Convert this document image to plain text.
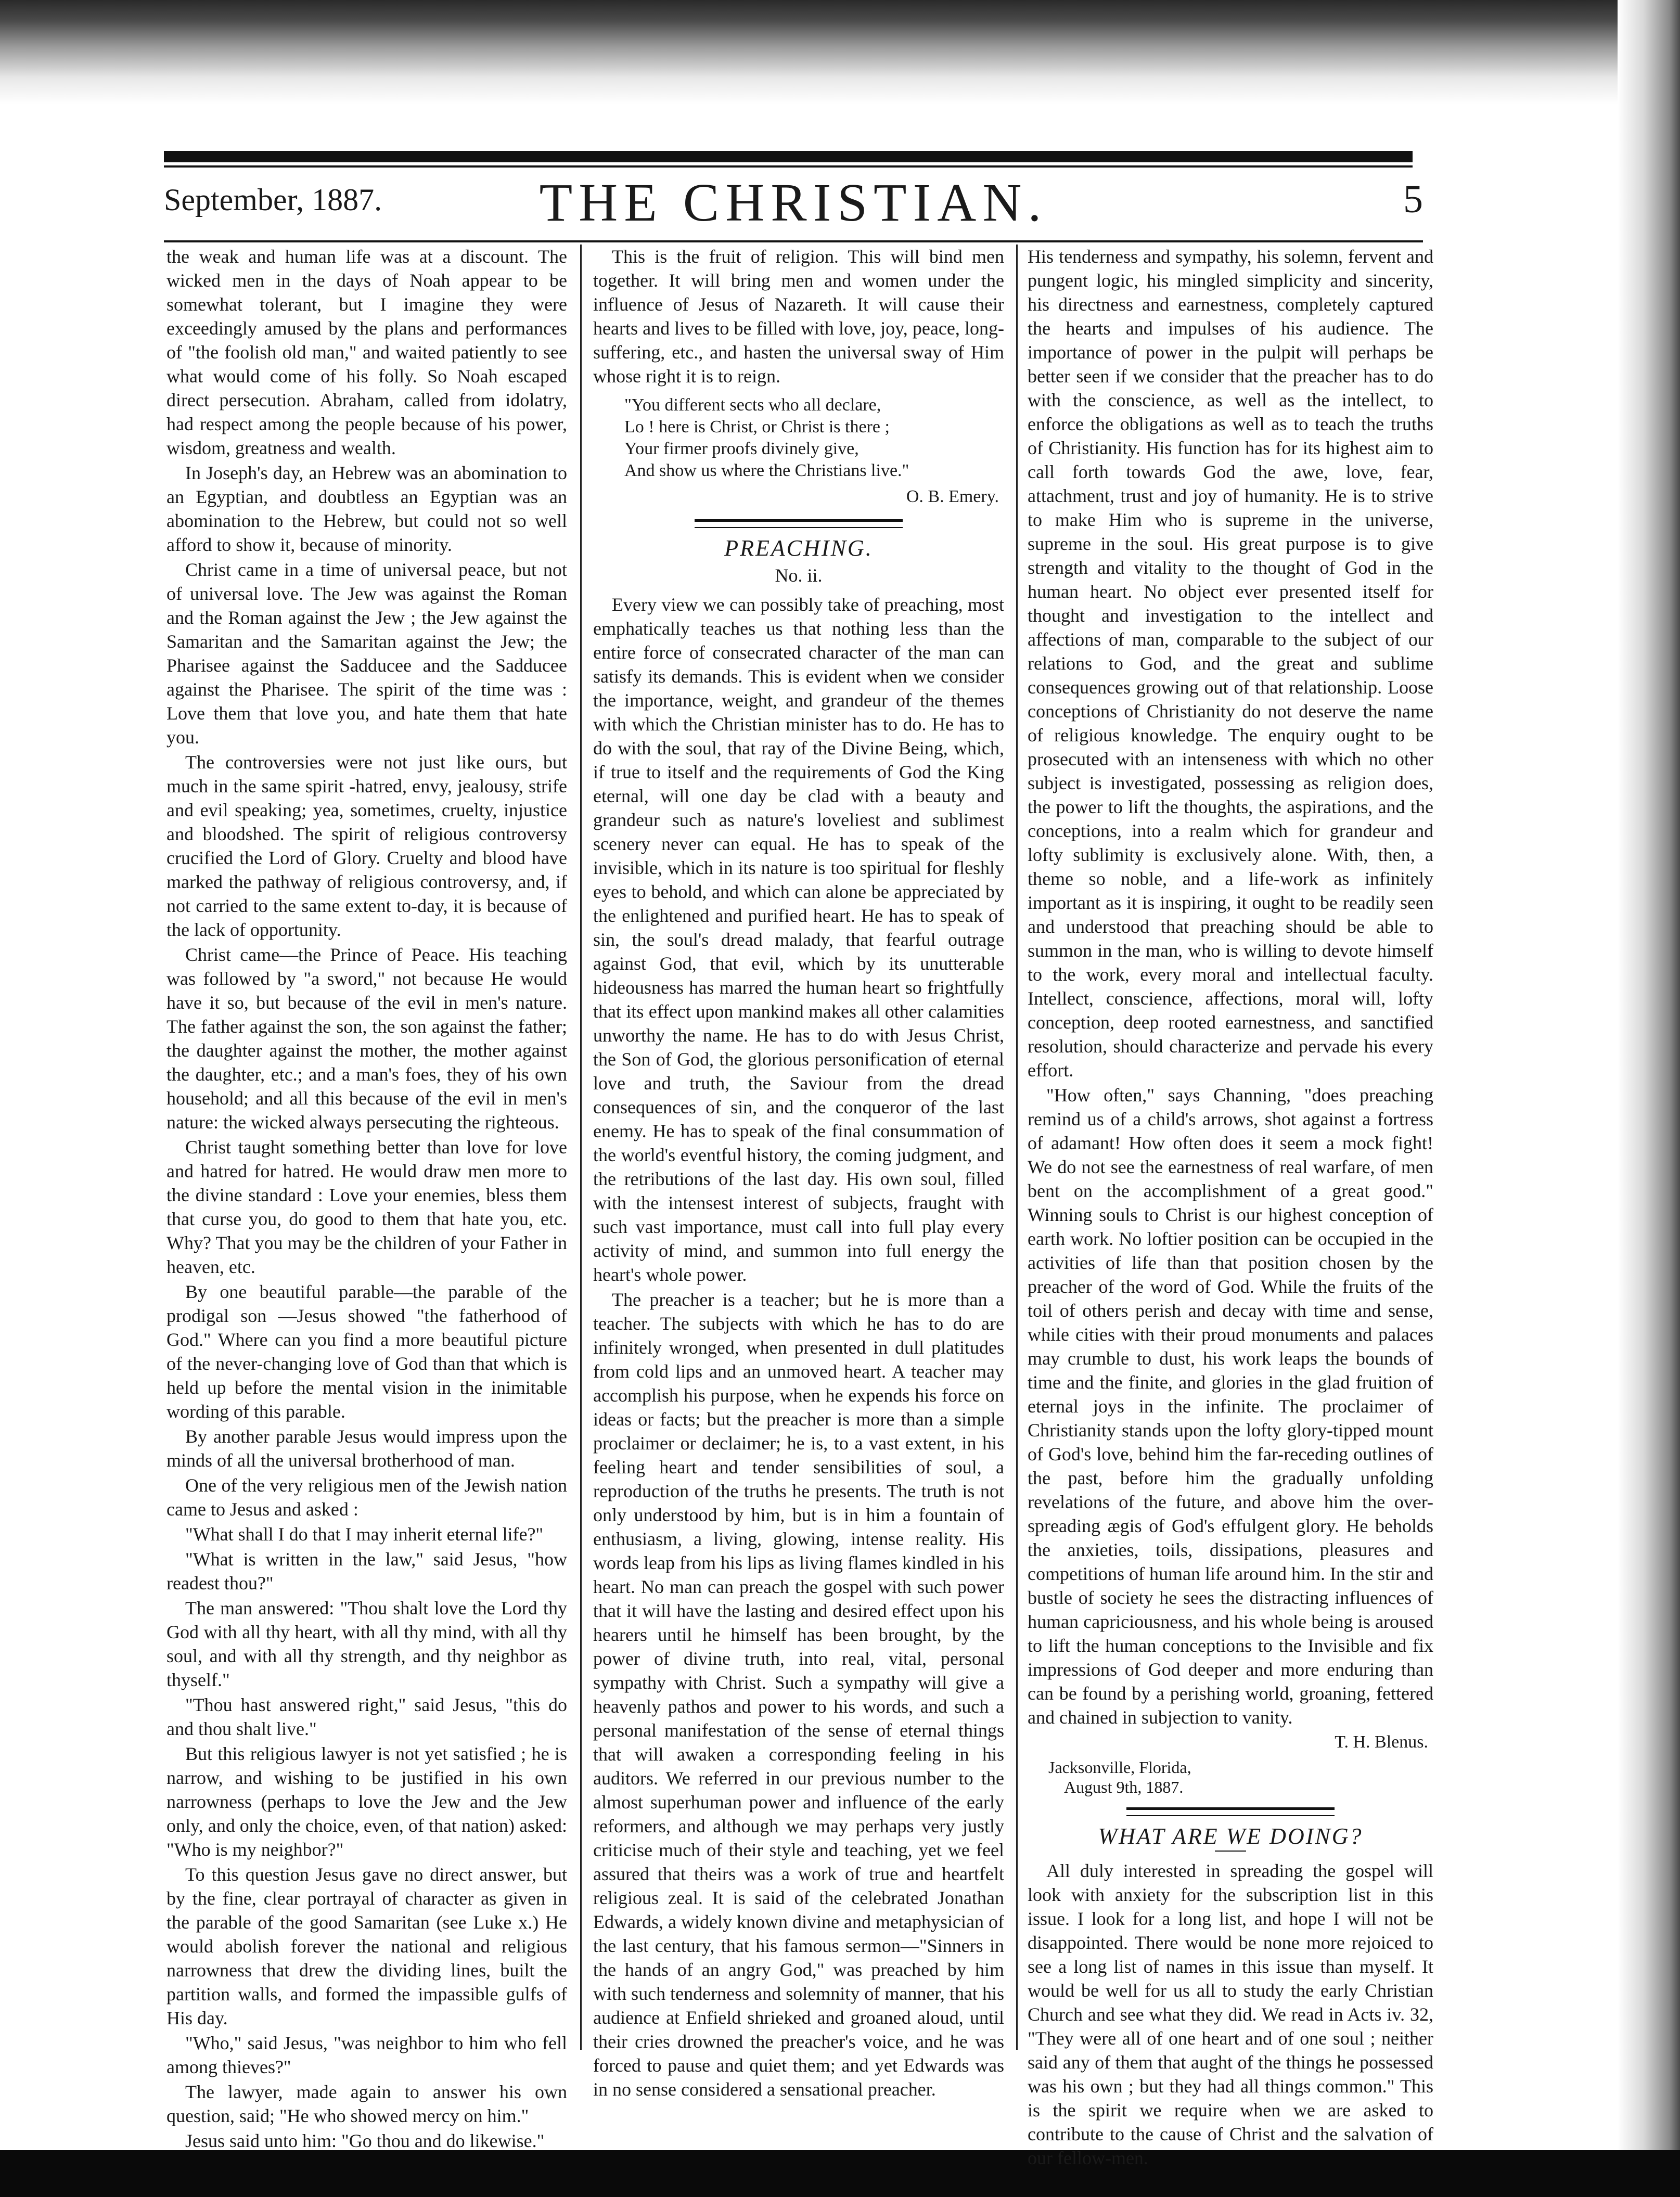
September, 1887.	THE CHRISTIAN.	5

the weak and human life was at a discount. The wicked men in the days of Noah appear to be somewhat tolerant, but I imagine they were exceedingly amused by the plans and performances of "the foolish old man," and waited patiently to see what would come of his folly. So Noah escaped direct persecution. Abraham, called from idolatry, had respect among the people because of his power, wisdom, greatness and wealth.

In Joseph's day, an Hebrew was an abomination to an Egyptian, and doubtless an Egyptian was an abomination to the Hebrew, but could not so well afford to show it, because of minority.

Christ came in a time of universal peace, but not of universal love. The Jew was against the Roman and the Roman against the Jew ; the Jew against the Samaritan and the Samaritan against the Jew; the Pharisee against the Sadducee and the Sadducee against the Pharisee. The spirit of the time was : Love them that love you, and hate them that hate you.

The controversies were not just like ours, but much in the same spirit -hatred, envy, jealousy, strife and evil speaking; yea, sometimes, cruelty, injustice and bloodshed. The spirit of religious controversy crucified the Lord of Glory. Cruelty and blood have marked the pathway of religious controversy, and, if not carried to the same extent to-day, it is because of the lack of opportunity.

Christ came—the Prince of Peace. His teaching was followed by "a sword," not because He would have it so, but because of the evil in men's nature. The father against the son, the son against the father; the daughter against the mother, the mother against the daughter, etc.; and a man's foes, they of his own household; and all this because of the evil in men's nature: the wicked always persecuting the righteous.

Christ taught something better than love for love and hatred for hatred. He would draw men more to the divine standard : Love your enemies, bless them that curse you, do good to them that hate you, etc. Why? That you may be the children of your Father in heaven, etc.

By one beautiful parable—the parable of the prodigal son —Jesus showed "the fatherhood of God." Where can you find a more beautiful picture of the never-changing love of God than that which is held up before the mental vision in the inimitable wording of this parable.

By another parable Jesus would impress upon the minds of all the universal brotherhood of man.

One of the very religious men of the Jewish nation came to Jesus and asked :

"What shall I do that I may inherit eternal life?"

"What is written in the law," said Jesus, "how readest thou?"

The man answered: "Thou shalt love the Lord thy God with all thy heart, with all thy mind, with all thy soul, and with all thy strength, and thy neighbor as thyself."

"Thou hast answered right," said Jesus, "this do and thou shalt live."

But this religious lawyer is not yet satisfied ; he is narrow, and wishing to be justified in his own narrowness (perhaps to love the Jew and the Jew only, and only the choice, even, of that nation) asked: "Who is my neighbor?"

To this question Jesus gave no direct answer, but by the fine, clear portrayal of character as given in the parable of the good Samaritan (see Luke x.) He would abolish forever the national and religious narrowness that drew the dividing lines, built the partition walls, and formed the impassible gulfs of His day.

"Who," said Jesus, "was neighbor to him who fell among thieves?"

The lawyer, made again to answer his own question, said; "He who showed mercy on him."

Jesus said unto him: "Go thou and do likewise."

This is the fruit of religion. This will bind men together. It will bring men and women under the influence of Jesus of Nazareth. It will cause their hearts and lives to be filled with love, joy, peace, long-suffering, etc., and hasten the universal sway of Him whose right it is to reign.

"You different sects who all declare,
Lo ! here is Christ, or Christ is there ;
Your firmer proofs divinely give,
And show us where the Christians live."
O. B. Emery.
PREACHING.
No. ii.

Every view we can possibly take of preaching, most emphatically teaches us that nothing less than the entire force of consecrated character of the man can satisfy its demands. This is evident when we consider the importance, weight, and grandeur of the themes with which the Christian minister has to do. He has to do with the soul, that ray of the Divine Being, which, if true to itself and the requirements of God the King eternal, will one day be clad with a beauty and grandeur such as nature's loveliest and sublimest scenery never can equal. He has to speak of the invisible, which in its nature is too spiritual for fleshly eyes to behold, and which can alone be appreciated by the enlightened and purified heart. He has to speak of sin, the soul's dread malady, that fearful outrage against God, that evil, which by its unutterable hideousness has marred the human heart so frightfully that its effect upon mankind makes all other calamities unworthy the name. He has to do with Jesus Christ, the Son of God, the glorious personification of eternal love and truth, the Saviour from the dread consequences of sin, and the conqueror of the last enemy. He has to speak of the final consummation of the world's eventful history, the coming judgment, and the retributions of the last day. His own soul, filled with the intensest interest of subjects, fraught with such vast importance, must call into full play every activity of mind, and summon into full energy the heart's whole power.

The preacher is a teacher; but he is more than a teacher. The subjects with which he has to do are infinitely wronged, when presented in dull platitudes from cold lips and an unmoved heart. A teacher may accomplish his purpose, when he expends his force on ideas or facts; but the preacher is more than a simple proclaimer or declaimer; he is, to a vast extent, in his feeling heart and tender sensibilities of soul, a reproduction of the truths he presents. The truth is not only understood by him, but is in him a fountain of enthusiasm, a living, glowing, intense reality. His words leap from his lips as living flames kindled in his heart. No man can preach the gospel with such power that it will have the lasting and desired effect upon his hearers until he himself has been brought, by the power of divine truth, into real, vital, personal sympathy with Christ. Such a sympathy will give a heavenly pathos and power to his words, and such a personal manifestation of the sense of eternal things that will awaken a corresponding feeling in his auditors. We referred in our previous number to the almost superhuman power and influence of the early reformers, and although we may perhaps very justly criticise much of their style and teaching, yet we feel assured that theirs was a work of true and heartfelt religious zeal. It is said of the celebrated Jonathan Edwards, a widely known divine and metaphysician of the last century, that his famous sermon—"Sinners in the hands of an angry God," was preached by him with such tenderness and solemnity of manner, that his audience at Enfield shrieked and groaned aloud, until their cries drowned the preacher's voice, and he was forced to pause and quiet them; and yet Edwards was in no sense considered a sensational preacher.

His tenderness and sympathy, his solemn, fervent and pungent logic, his mingled simplicity and sincerity, his directness and earnestness, completely captured the hearts and impulses of his audience. The importance of power in the pulpit will perhaps be better seen if we consider that the preacher has to do with the conscience, as well as the intellect, to enforce the obligations as well as to teach the truths of Christianity. His function has for its highest aim to call forth towards God the awe, love, fear, attachment, trust and joy of humanity. He is to strive to make Him who is supreme in the universe, supreme in the soul. His great purpose is to give strength and vitality to the thought of God in the human heart. No object ever presented itself for thought and investigation to the intellect and affections of man, comparable to the subject of our relations to God, and the great and sublime consequences growing out of that relationship. Loose conceptions of Christianity do not deserve the name of religious knowledge. The enquiry ought to be prosecuted with an intenseness with which no other subject is investigated, possessing as religion does, the power to lift the thoughts, the aspirations, and the conceptions, into a realm which for grandeur and lofty sublimity is exclusively alone. With, then, a theme so noble, and a life-work as infinitely important as it is inspiring, it ought to be readily seen and understood that preaching should be able to summon in the man, who is willing to devote himself to the work, every moral and intellectual faculty. Intellect, conscience, affections, moral will, lofty conception, deep rooted earnestness, and sanctified resolution, should characterize and pervade his every effort.

"How often," says Channing, "does preaching remind us of a child's arrows, shot against a fortress of adamant! How often does it seem a mock fight! We do not see the earnestness of real warfare, of men bent on the accomplishment of a great good." Winning souls to Christ is our highest conception of earth work. No loftier position can be occupied in the activities of life than that position chosen by the preacher of the word of God. While the fruits of the toil of others perish and decay with time and sense, while cities with their proud monuments and palaces may crumble to dust, his work leaps the bounds of time and the finite, and glories in the glad fruition of eternal joys in the infinite. The proclaimer of Christianity stands upon the lofty glory-tipped mount of God's love, behind him the far-receding outlines of the past, before him the gradually unfolding revelations of the future, and above him the over-spreading ægis of God's effulgent glory. He beholds the anxieties, toils, dissipations, pleasures and competitions of human life around him. In the stir and bustle of society he sees the distracting influences of human capriciousness, and his whole being is aroused to lift the human conceptions to the Invisible and fix impressions of God deeper and more enduring than can be found by a perishing world, groaning, fettered and chained in subjection to vanity.

T. H. Blenus.
Jacksonville, Florida,
August 9th, 1887.
WHAT ARE WE DOING?

All duly interested in spreading the gospel will look with anxiety for the subscription list in this issue. I look for a long list, and hope I will not be disappointed. There would be none more rejoiced to see a long list of names in this issue than myself. It would be well for us all to study the early Christian Church and see what they did. We read in Acts iv. 32, "They were all of one heart and of one soul ; neither said any of them that aught of the things he possessed was his own ; but they had all things common." This is the spirit we require when we are asked to contribute to the cause of Christ and the salvation of our fellow-men.
